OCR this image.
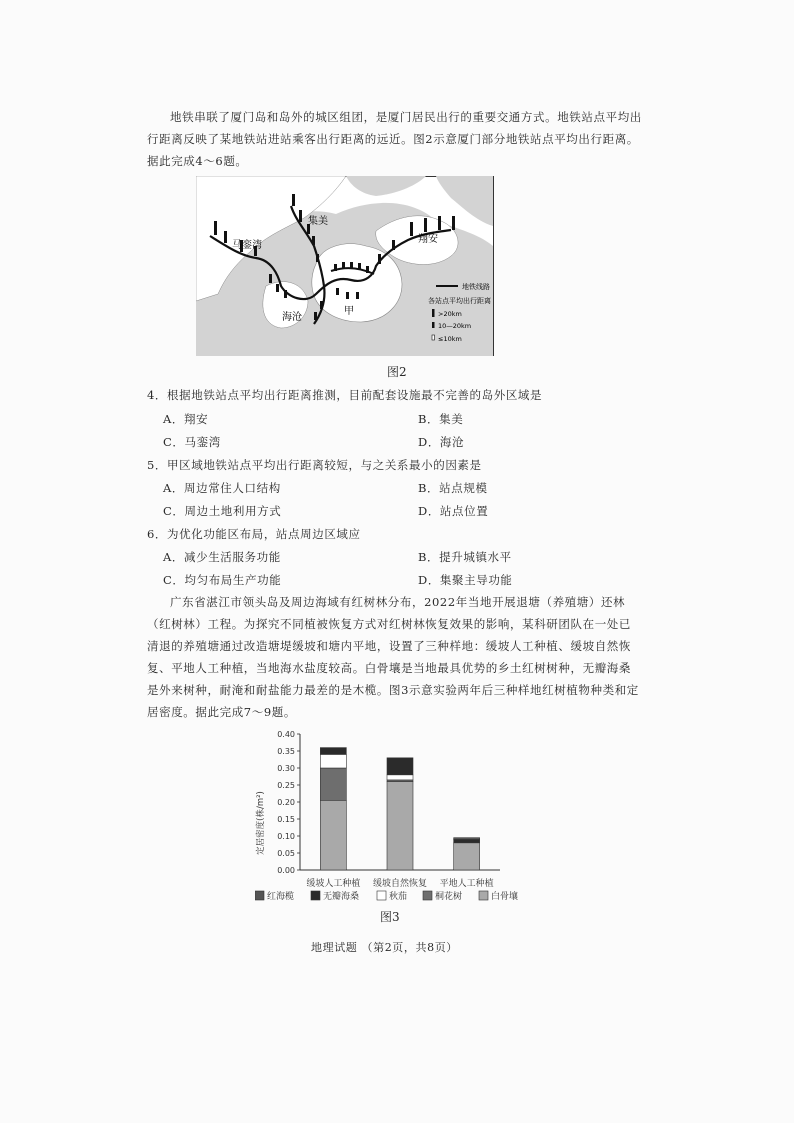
地铁串联了厦门岛和岛外的城区组团，是厦门居民出行的重要交通方式。地铁站点平均出行距离反映了某地铁站进站乘客出行距离的远近。图2示意厦门部分地铁站点平均出行距离。据此完成4～6题。
马銮湾
集美
翔安
海沧
甲
地铁线路
各站点平均出行距离
>20km
10—20km
≤10km
图2
4．根据地铁站点平均出行距离推测，目前配套设施最不完善的岛外区域是
A．翔安	B．集美
C．马銮湾	D．海沧
5．甲区域地铁站点平均出行距离较短，与之关系最小的因素是
A．周边常住人口结构	B．站点规模
C．周边土地利用方式	D．站点位置
6．为优化功能区布局，站点周边区域应
A．减少生活服务功能	B．提升城镇水平
C．均匀布局生产功能	D．集聚主导功能
广东省湛江市领头岛及周边海域有红树林分布，2022年当地开展退塘（养殖塘）还林（红树林）工程。为探究不同植被恢复方式对红树林恢复效果的影响，某科研团队在一处已清退的养殖塘通过改造塘堤缓坡和塘内平地，设置了三种样地：缓坡人工种植、缓坡自然恢复、平地人工种植，当地海水盐度较高。白骨壤是当地最具优势的乡土红树树种，无瓣海桑是外来树种，耐淹和耐盐能力最差的是木榄。图3示意实验两年后三种样地红树植物种类和定居密度。据此完成7～9题。
0.00
0.05
0.10
0.15
0.20
0.25
0.30
0.35
0.40
缓坡人工种植 缓坡自然恢复 平地人工种植
定居密度(株/m²)
红海榄	无瓣海桑	秋茄	桐花树	白骨壤
图3
地理试题 （第2页，共8页）
